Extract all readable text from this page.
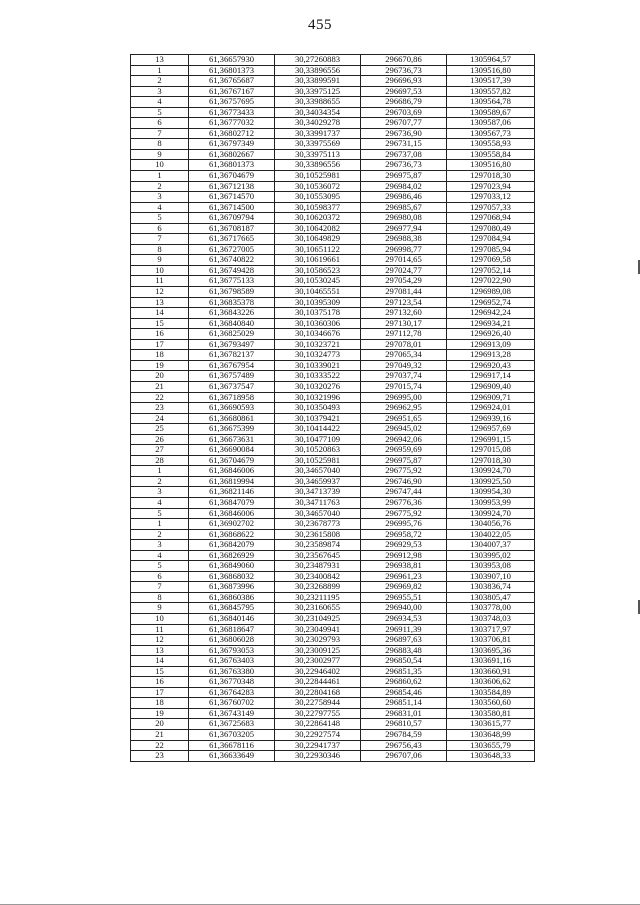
455
13	61,36657930	30,27260883	296670,86	1305964,57
1	61,36801373	30,33896556	296736,73	1309516,80
2	61,36765687	30,33899591	296696,93	1309517,39
3	61,36767167	30,33975125	296697,53	1309557,82
4	61,36757695	30,33988655	296686,79	1309564,78
5	61,36773433	30,34034354	296703,69	1309589,67
6	61,36777032	30,34029278	296707,77	1309587,06
7	61,36802712	30,33991737	296736,90	1309567,73
8	61,36797349	30,33975569	296731,15	1309558,93
9	61,36802667	30,33975113	296737,08	1309558,84
10	61,36801373	30,33896556	296736,73	1309516,80
1	61,36704679	30,10525981	296975,87	1297018,30
2	61,36712138	30,10536072	296984,02	1297023,94
3	61,36714570	30,10553095	296986,46	1297033,12
4	61,36714500	30,10598377	296985,67	1297057,33
5	61,36709794	30,10620372	296980,08	1297068,94
6	61,36708187	30,10642082	296977,94	1297080,49
7	61,36717665	30,10649829	296988,38	1297084,94
8	61,36727005	30,10651122	296998,77	1297085,94
9	61,36740822	30,10619661	297014,65	1297069,58
10	61,36749428	30,10586523	297024,77	1297052,14
11	61,36775133	30,10530245	297054,29	1297022,90
12	61,36798589	30,10465551	297081,44	1296989,08
13	61,36835378	30,10395309	297123,54	1296952,74
14	61,36843226	30,10375178	297132,60	1296942,24
15	61,36840840	30,10360306	297130,17	1296934,21
16	61,36825029	30,10346676	297112,78	1296926,40
17	61,36793497	30,10323721	297078,01	1296913,09
18	61,36782137	30,10324773	297065,34	1296913,28
19	61,36767954	30,10339021	297049,32	1296920,43
20	61,36757489	30,10333522	297037,74	1296917,14
21	61,36737547	30,10320276	297015,74	1296909,40
22	61,36718958	30,10321996	296995,00	1296909,71
23	61,36690593	30,10350493	296962,95	1296924,01
24	61,36680861	30,10379421	296951,65	1296939,16
25	61,36675399	30,10414422	296945,02	1296957,69
26	61,36673631	30,10477109	296942,06	1296991,15
27	61,36690084	30,10520863	296959,69	1297015,08
28	61,36704679	30,10525981	296975,87	1297018,30
1	61,36846006	30,34657040	296775,92	1309924,70
2	61,36819994	30,34659937	296746,90	1309925,50
3	61,36821146	30,34713739	296747,44	1309954,30
4	61,36847079	30,34711763	296776,36	1309953,99
5	61,36846006	30,34657040	296775,92	1309924,70
1	61,36902702	30,23678773	296995,76	1304056,76
2	61,36868622	30,23615808	296958,72	1304022,05
3	61,36842079	30,23589874	296929,53	1304007,37
4	61,36826929	30,23567645	296912,98	1303995,02
5	61,36849060	30,23487931	296938,81	1303953,08
6	61,36868032	30,23400842	296961,23	1303907,10
7	61,36873996	30,23268899	296969,82	1303836,74
8	61,36860386	30,23211195	296955,51	1303805,47
9	61,36845795	30,23160655	296940,00	1303778,00
10	61,36840146	30,23104925	296934,53	1303748,03
11	61,36818647	30,23049941	296911,39	1303717,97
12	61,36806028	30,23029793	296897,63	1303706,81
13	61,36793053	30,23009125	296883,48	1303695,36
14	61,36763403	30,23002977	296850,54	1303691,16
15	61,36763380	30,22946402	296851,35	1303660,91
16	61,36770348	30,22844461	296860,62	1303606,62
17	61,36764283	30,22804168	296854,46	1303584,89
18	61,36760702	30,22758944	296851,14	1303560,60
19	61,36743149	30,22797755	296831,01	1303580,81
20	61,36725683	30,22864148	296810,57	1303615,77
21	61,36703205	30,22927574	296784,59	1303648,99
22	61,36678116	30,22941737	296756,43	1303655,79
23	61,36633649	30,22930346	296707,06	1303648,33
